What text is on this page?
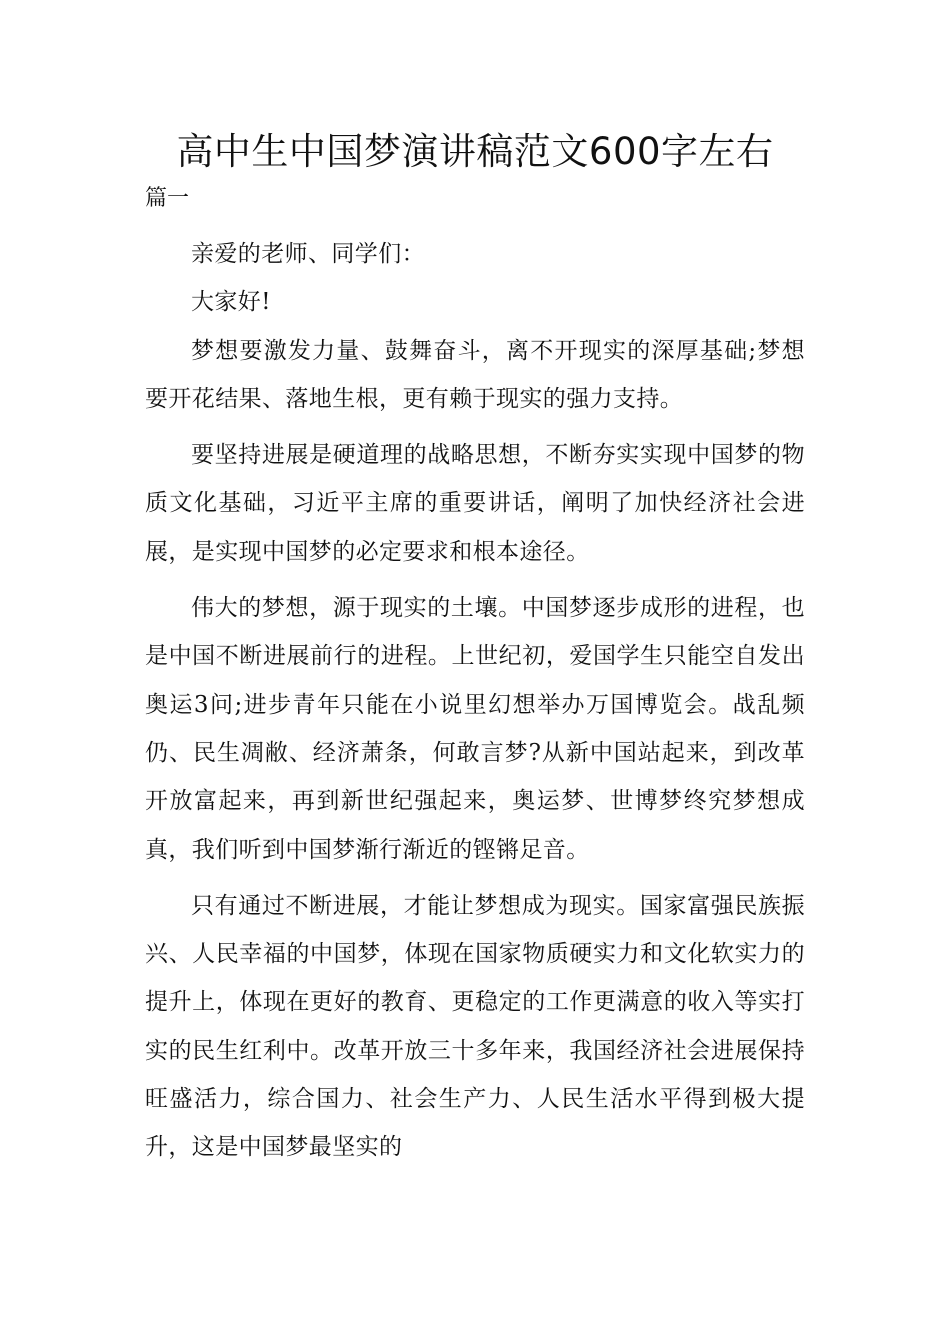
高中生中国梦演讲稿范文600字左右
篇一

亲爱的老师、同学们：

大家好!

梦想要激发力量、鼓舞奋斗，离不开现实的深厚基础;梦想要开花结果、落地生根，更有赖于现实的强力支持。

要坚持进展是硬道理的战略思想，不断夯实实现中国梦的物质文化基础，习近平主席的重要讲话，阐明了加快经济社会进展，是实现中国梦的必定要求和根本途径。

伟大的梦想，源于现实的土壤。中国梦逐步成形的进程，也是中国不断进展前行的进程。上世纪初，爱国学生只能空自发出奥运3问;进步青年只能在小说里幻想举办万国博览会。战乱频仍、民生凋敝、经济萧条，何敢言梦?从新中国站起来，到改革开放富起来，再到新世纪强起来，奥运梦、世博梦终究梦想成真，我们听到中国梦渐行渐近的铿锵足音。

只有通过不断进展，才能让梦想成为现实。国家富强民族振兴、人民幸福的中国梦，体现在国家物质硬实力和文化软实力的提升上，体现在更好的教育、更稳定的工作更满意的收入等实打实的民生红利中。改革开放三十多年来，我国经济社会进展保持旺盛活力，综合国力、社会生产力、人民生活水平得到极大提升，这是中国梦最坚实的
